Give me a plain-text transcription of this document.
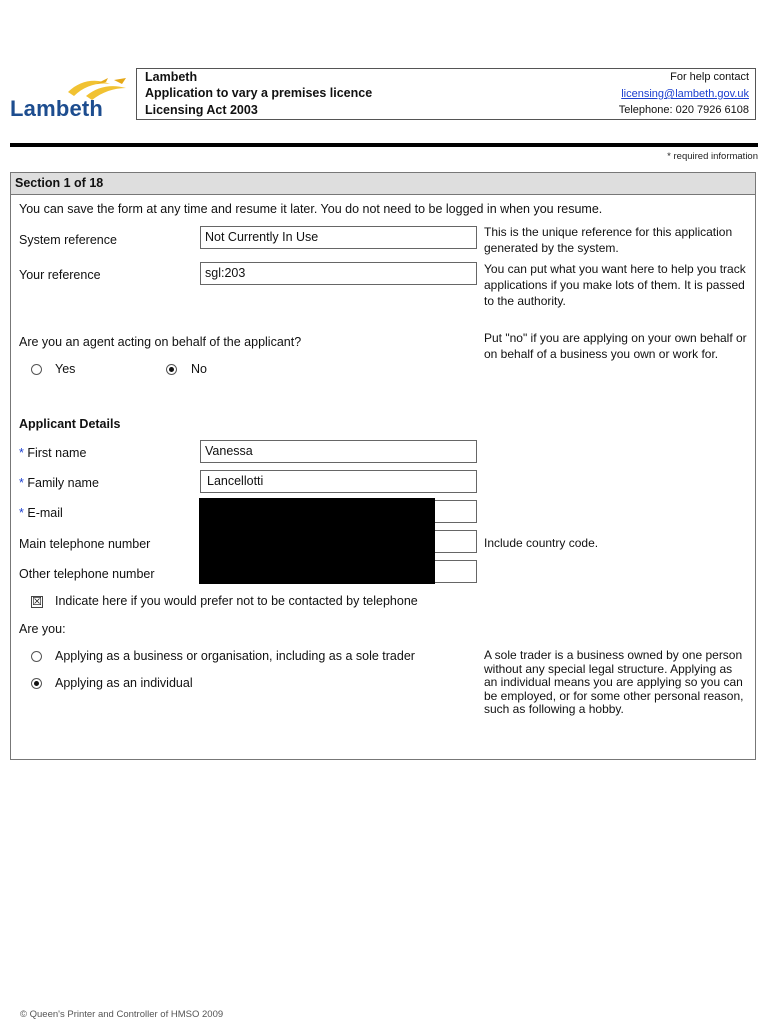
Lambeth
Lambeth
Application to vary a premises licence
Licensing Act 2003
For help contact
licensing@lambeth.gov.uk
Telephone: 020 7926 6108
* required information
Section 1 of 18
You can save the form at any time and resume it later. You do not need to be logged in when you resume.
System reference	Not Currently In Use	This is the unique reference for this application generated by the system.
Your reference	sgl:203	You can put what you want here to help you track applications if you make lots of them. It is passed to the authority.
Are you an agent acting on behalf of the applicant?	Put "no" if you are applying on your own behalf or on behalf of a business you own or work for.
Yes	No
Applicant Details
* First name	Vanessa
* Family name	Lancellotti
* E-mail
Main telephone number	Include country code.
Other telephone number
☒ Indicate here if you would prefer not to be contacted by telephone
Are you:
Applying as a business or organisation, including as a sole trader
Applying as an individual
A sole trader is a business owned by one person without any special legal structure. Applying as an individual means you are applying so you can be employed, or for some other personal reason, such as following a hobby.
© Queen's Printer and Controller of HMSO 2009
